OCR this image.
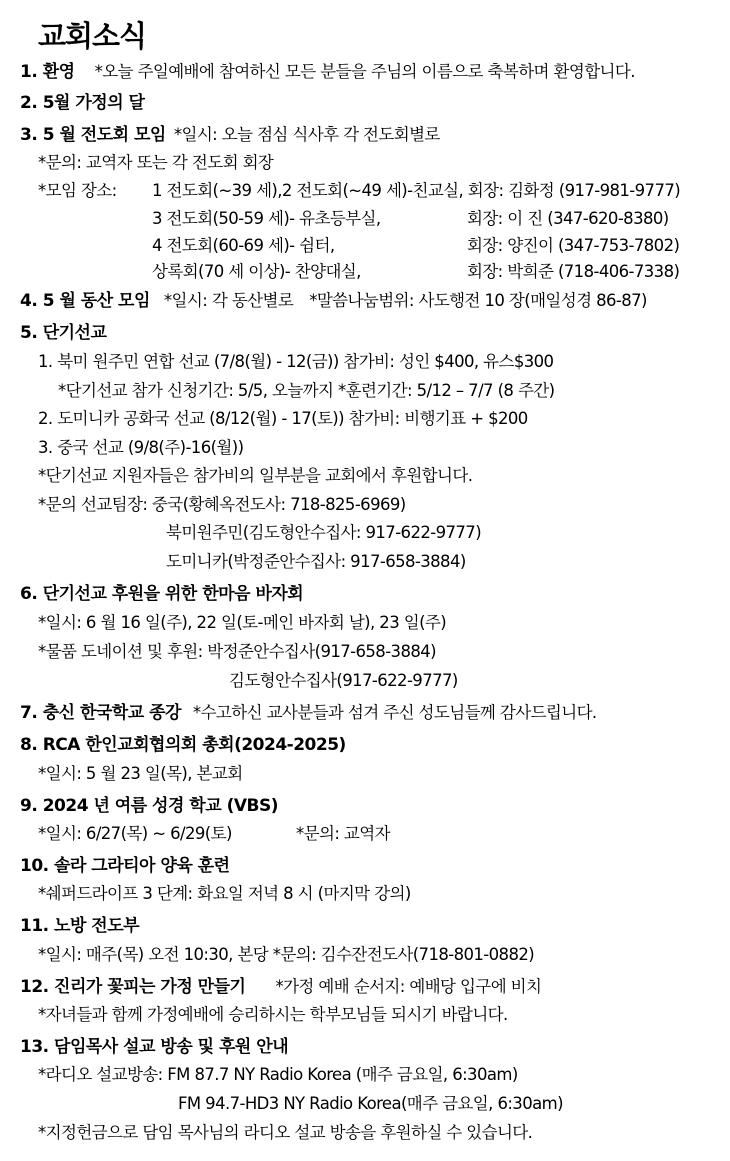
교회소식
1. 환영 *오늘 주일예배에 참여하신 모든 분들을 주님의 이름으로 축복하며 환영합니다.
2. 5월 가정의 달
3. 5 월 전도회 모임 *일시: 오늘 점심 식사후 각 전도회별로
*문의: 교역자 또는 각 전도회 회장
*모임 장소: 1 전도회(~39 세),2 전도회(~49 세)-친교실, 회장: 김화정 (917-981-9777)
3 전도회(50-59 세)- 유초등부실,	회장: 이 진 (347-620-8380)
4 전도회(60-69 세)- 쉼터,	회장: 양진이 (347-753-7802)
상록회(70 세 이상)- 찬양대실,	회장: 박희준 (718-406-7338)
4. 5 월 동산 모임 *일시: 각 동산별로 *말씀나눔범위: 사도행전 10 장(매일성경 86-87)
5. 단기선교
1. 북미 원주민 연합 선교 (7/8(월) - 12(금)) 참가비: 성인 $400, 유스$300
*단기선교 참가 신청기간: 5/5, 오늘까지 *훈련기간: 5/12 – 7/7 (8 주간)
2. 도미니카 공화국 선교 (8/12(월) - 17(토)) 참가비: 비행기표 + $200
3. 중국 선교 (9/8(주)-16(월))
*단기선교 지원자들은 참가비의 일부분을 교회에서 후원합니다.
*문의 선교팀장: 중국(황혜옥전도사: 718-825-6969)
북미원주민(김도형안수집사: 917-622-9777)
도미니카(박정준안수집사: 917-658-3884)
6. 단기선교 후원을 위한 한마음 바자회
*일시: 6 월 16 일(주), 22 일(토-메인 바자회 날), 23 일(주)
*물품 도네이션 및 후원: 박정준안수집사(917-658-3884)
김도형안수집사(917-622-9777)
7. 충신 한국학교 종강 *수고하신 교사분들과 섬겨 주신 성도님들께 감사드립니다.
8. RCA 한인교회협의회 총회(2024-2025)
*일시: 5 월 23 일(목), 본교회
9. 2024 년 여름 성경 학교 (VBS)
*일시: 6/27(목) ~ 6/29(토)	*문의: 교역자
10. 솔라 그라티아 양육 훈련
*쉐퍼드라이프 3 단계: 화요일 저녁 8 시 (마지막 강의)
11. 노방 전도부
*일시: 매주(목) 오전 10:30, 본당 *문의: 김수잔전도사(718-801-0882)
12. 진리가 꽃피는 가정 만들기 *가정 예배 순서지: 예배당 입구에 비치
*자녀들과 함께 가정예배에 승리하시는 학부모님들 되시기 바랍니다.
13. 담임목사 설교 방송 및 후원 안내
*라디오 설교방송: FM 87.7 NY Radio Korea (매주 금요일, 6:30am)
FM 94.7-HD3 NY Radio Korea(매주 금요일, 6:30am)
*지정헌금으로 담임 목사님의 라디오 설교 방송을 후원하실 수 있습니다.
